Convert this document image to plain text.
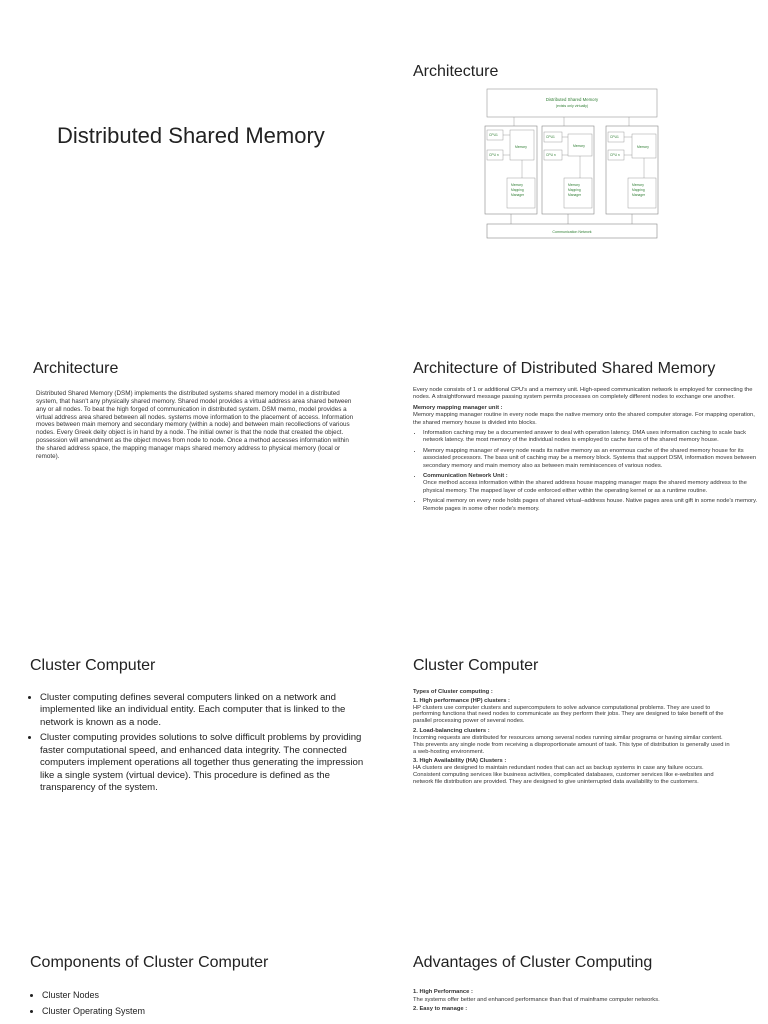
Distributed Shared Memory
Architecture
Distributed Shared Memory
(exists only virtually)
CPU1
CPU n
Memory
Memory
Mapping
Manager
CPU1
CPU n
Memory
Memory
Mapping
Manager
CPU1
CPU n
Memory
Memory
Mapping
Manager
Communication Network
Architecture
Distributed Shared Memory (DSM) implements the distributed systems shared memory model in a distributed system, that hasn't any physically shared memory. Shared model provides a virtual address area shared between any or all nodes. To beat the high forged of communication in distributed system. DSM memo, model provides a virtual address area shared between all nodes. systems move information to the placement of access. Information moves between main memory and secondary memory (within a node) and between main recollections of various nodes. Every Greek deity object is in hand by a node. The initial owner is that the node that created the object. possession will amendment as the object moves from node to node. Once a method accesses information within the shared address space, the mapping manager maps shared memory address to physical memory (local or remote).
Architecture of Distributed Shared Memory

Every node consists of 1 or additional CPU's and a memory unit. High-speed communication network is employed for connecting the nodes. A straightforward message passing system permits processes on completely different nodes to exchange one another.

Memory mapping manager unit :

Memory mapping manager routine in every node maps the native memory onto the shared computer storage. For mapping operation, the shared memory house is divided into blocks.

• Information caching may be a documented answer to deal with operation latency. DMA uses information caching to scale back network latency. the most memory of the individual nodes is employed to cache items of the shared memory house.
• Memory mapping manager of every node reads its native memory as an enormous cache of the shared memory house for its associated processors. The bass unit of caching may be a memory block. Systems that support DSM, information moves between secondary memory and main memory also as between main reminiscences of various nodes.
• Communication Network Unit :
Once method access information within the shared address house mapping manager maps the shared memory address to the physical memory. The mapped layer of code enforced either within the operating kernel or as a runtime routine.
• Physical memory on every node holds pages of shared virtual–address house. Native pages area unit gift in some node's memory. Remote pages in some other node's memory.
Cluster Computer
• Cluster computing defines several computers linked on a network and implemented like an individual entity. Each computer that is linked to the network is known as a node.
• Cluster computing provides solutions to solve difficult problems by providing faster computational speed, and enhanced data integrity. The connected computers implement operations all together thus generating the impression like a single system (virtual device). This procedure is defined as the transparency of the system.
Cluster Computer
Types of Cluster computing :
1. High performance (HP) clusters :
HP clusters use computer clusters and supercomputers to solve advance computational problems. They are used to performing functions that need nodes to communicate as they perform their jobs. They are designed to take benefit of the parallel processing power of several nodes.
2. Load-balancing clusters :
Incoming requests are distributed for resources among several nodes running similar programs or having similar content. This prevents any single node from receiving a disproportionate amount of task. This type of distribution is generally used in a web-hosting environment.
3. High Availability (HA) Clusters :
HA clusters are designed to maintain redundant nodes that can act as backup systems in case any failure occurs. Consistent computing services like business activities, complicated databases, customer services like e-websites and network file distribution are provided. They are designed to give uninterrupted data availability to the customers.
Components of Cluster Computer
• Cluster Nodes
• Cluster Operating System
Advantages of Cluster Computing
1. High Performance :
The systems offer better and enhanced performance than that of mainframe computer networks.
2. Easy to manage :
